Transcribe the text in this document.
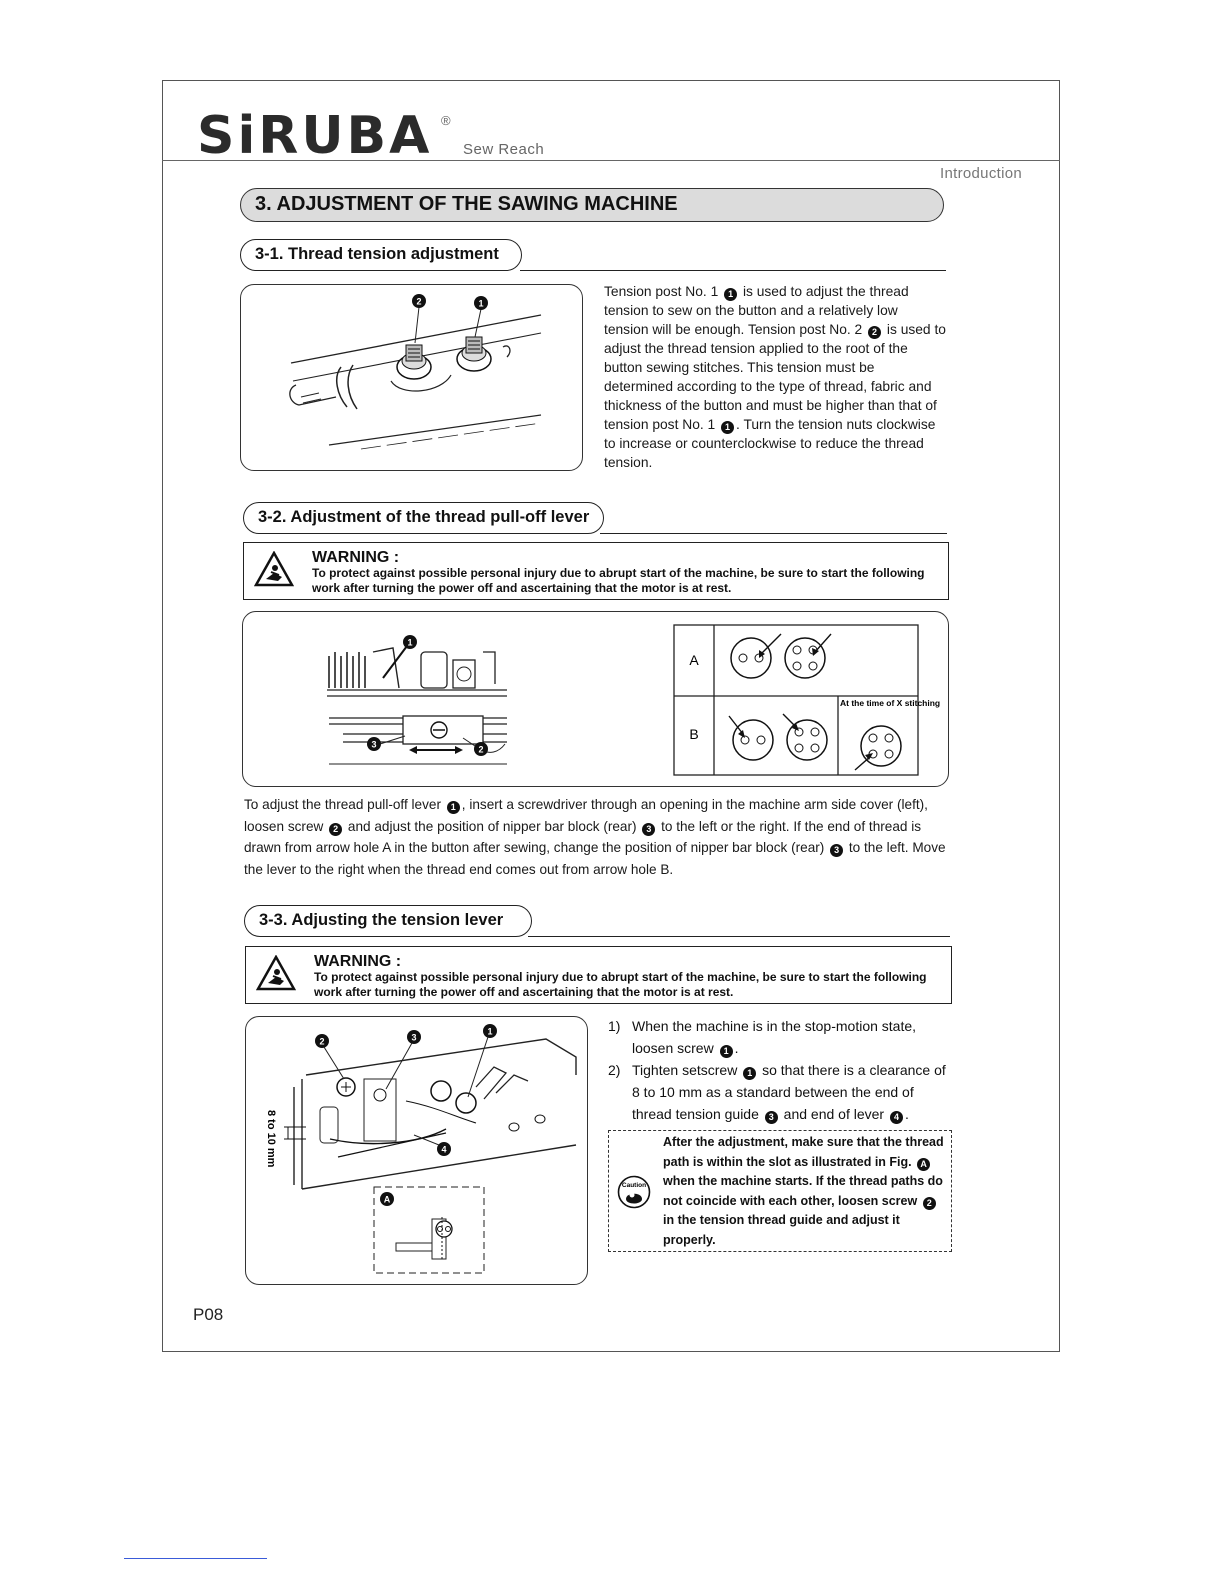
SiRUBA ®
Sew Reach
Introduction
3. ADJUSTMENT OF THE SAWING MACHINE
3-1. Thread tension adjustment
2	1
Tension post No. 1 1 is used to adjust the thread tension to sew on the button and a relatively low tension will be enough. Tension post No. 2 2 is used to adjust the thread tension applied to the root of the button sewing stitches. This tension must be determined according to the type of thread, fabric and thickness of the button and must be higher than that of tension post No. 1 1 . Turn the tension nuts clockwise to increase or counterclockwise to reduce the thread tension.
3-2. Adjustment of the thread pull-off lever
WARNING :
To protect against possible personal injury due to abrupt start of the machine, be sure to start the following work after turning the power off and ascertaining that the motor is at rest.
1
3	2
A
B
At the time of X stitching
To adjust the thread pull-off lever 1 , insert a screwdriver through an opening in the machine arm side cover (left), loosen screw 2 and adjust the position of nipper bar block (rear) 3 to the left or the right. If the end of thread is drawn from arrow hole A in the button after sewing, change the position of nipper bar block (rear) 3 to the left. Move the lever to the right when the thread end comes out from arrow hole B.
3-3. Adjusting the tension lever
WARNING :
To protect against possible personal injury due to abrupt start of the machine, be sure to start the following work after turning the power off and ascertaining that the motor is at rest.
2	3
1
4
8 to 10 mm
A
1) When the machine is in the stop-motion state, loosen screw 1 .
2) Tighten setscrew 1 so that there is a clearance of 8 to 10 mm as a standard between the end of thread tension guide 3 and end of lever 4 .
Caution
After the adjustment, make sure that the thread path is within the slot as illustrated in Fig. A when the machine starts. If the thread paths do not coincide with each other, loosen screw 2 in the tension thread guide and adjust it properly.
P08
